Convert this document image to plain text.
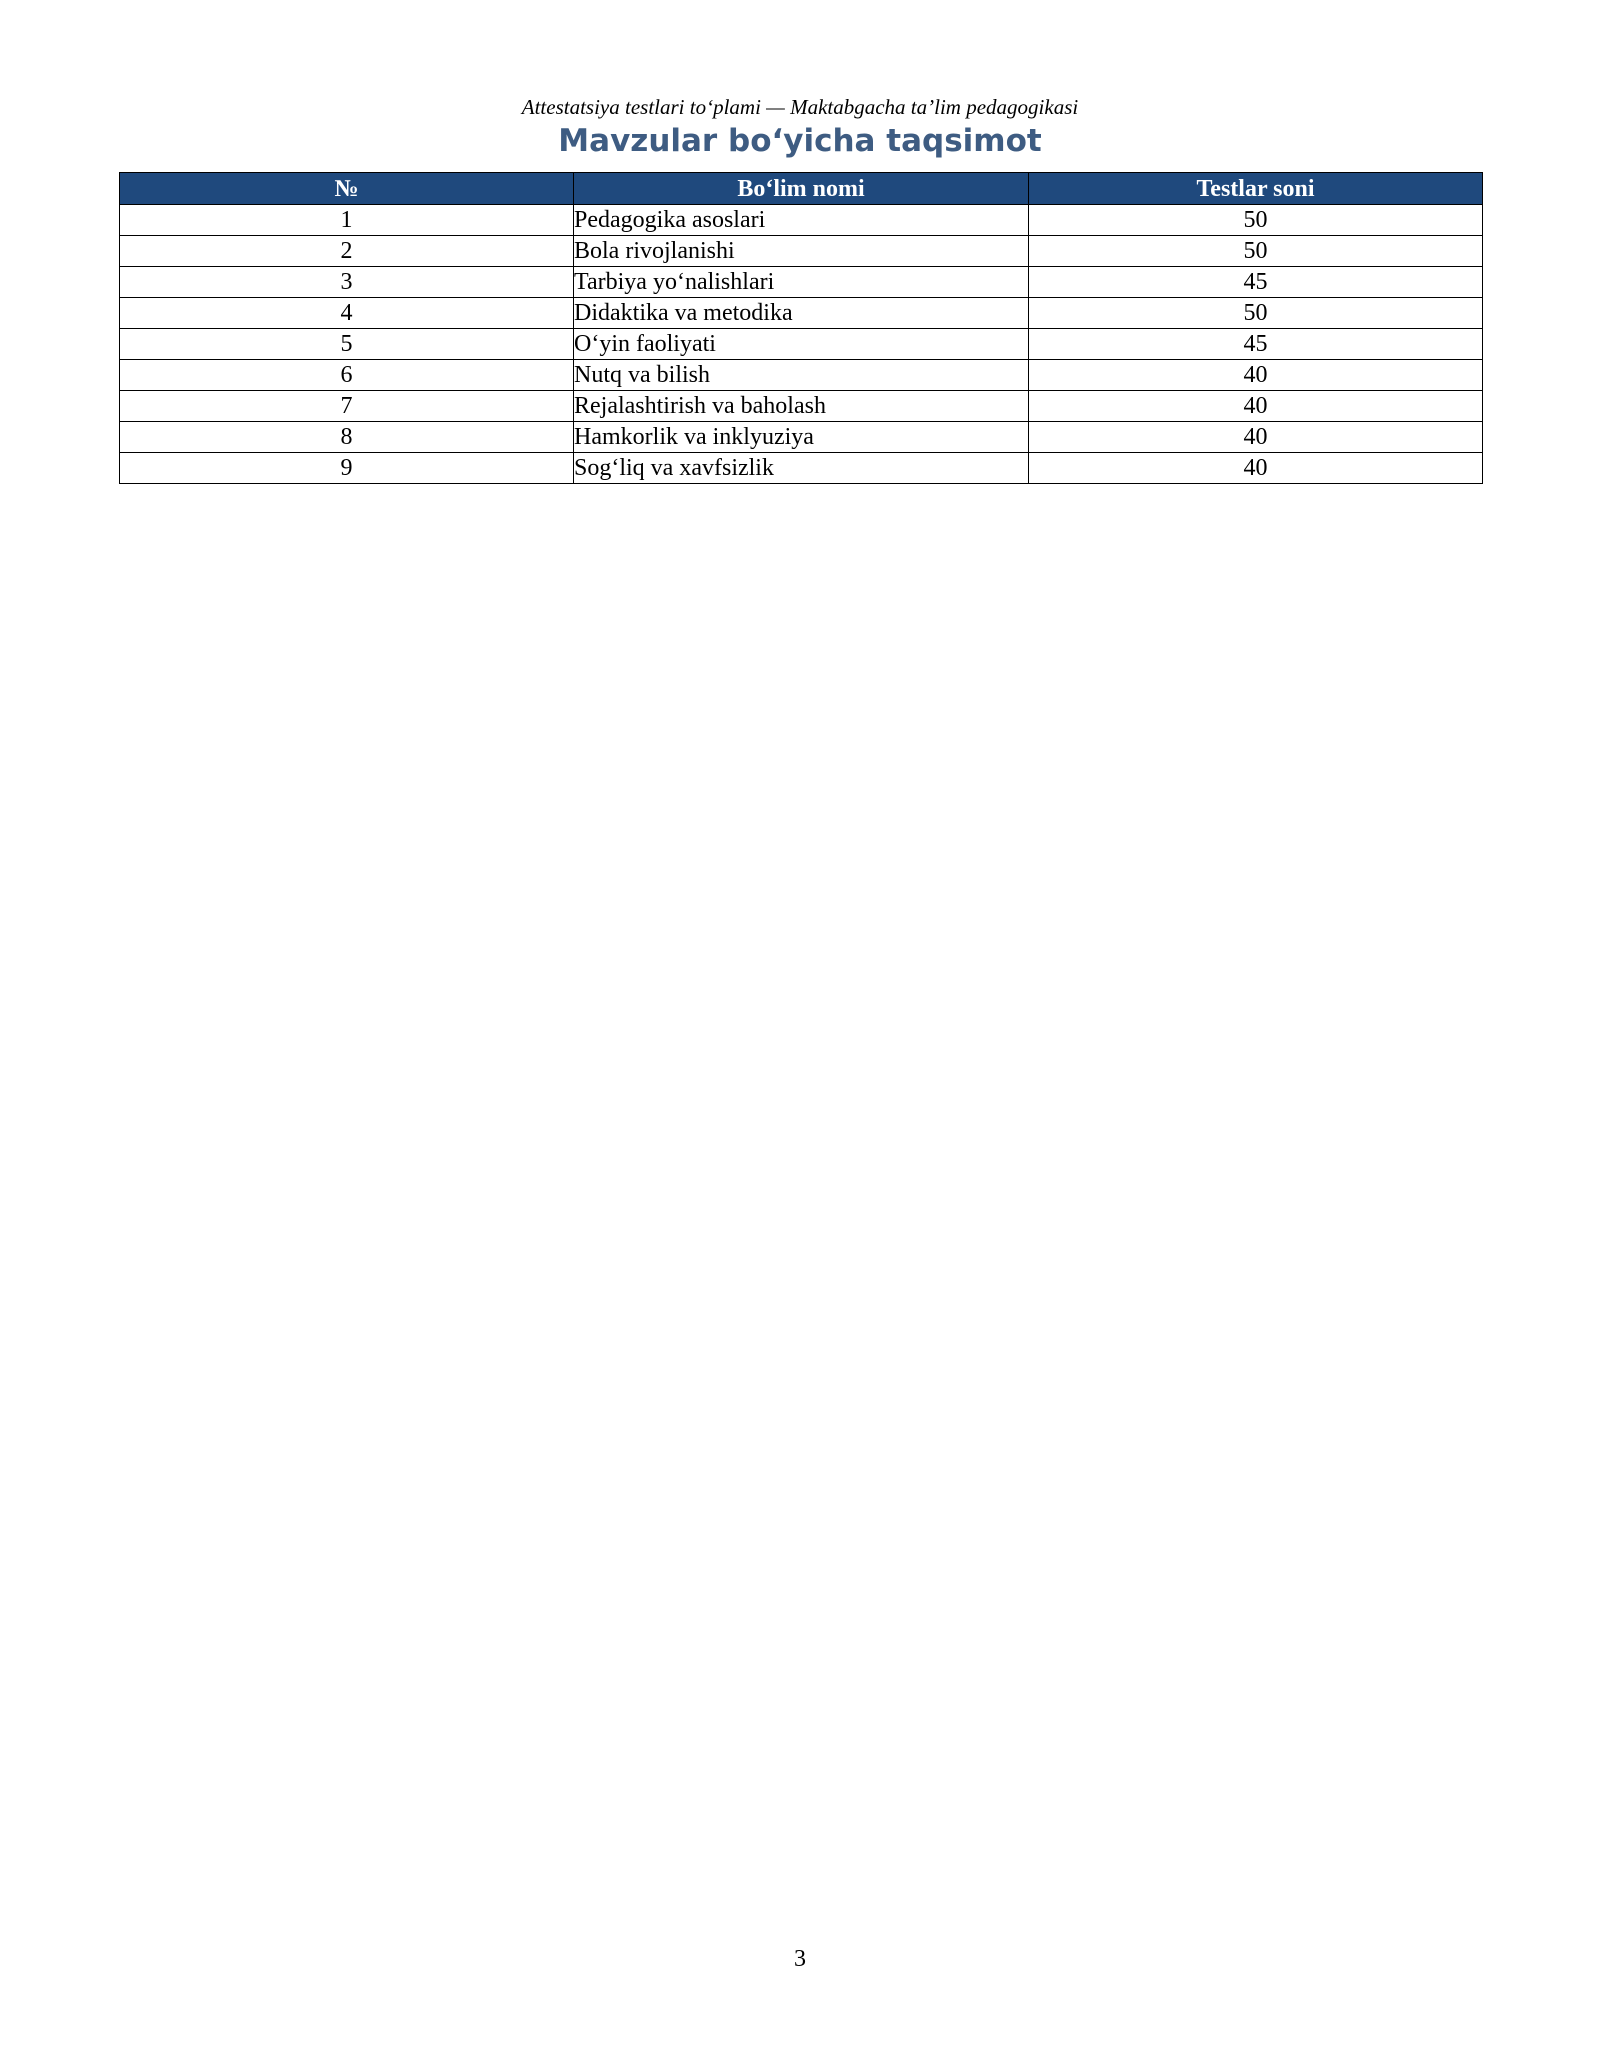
Attestatsiya testlari to‘plami — Maktabgacha ta’lim pedagogikasi
Mavzular bo‘yicha taqsimot
№	Bo‘lim nomi	Testlar soni
1	Pedagogika asoslari	50
2	Bola rivojlanishi	50
3	Tarbiya yo‘nalishlari	45
4	Didaktika va metodika	50
5	O‘yin faoliyati	45
6	Nutq va bilish	40
7	Rejalashtirish va baholash	40
8	Hamkorlik va inklyuziya	40
9	Sog‘liq va xavfsizlik	40
3
